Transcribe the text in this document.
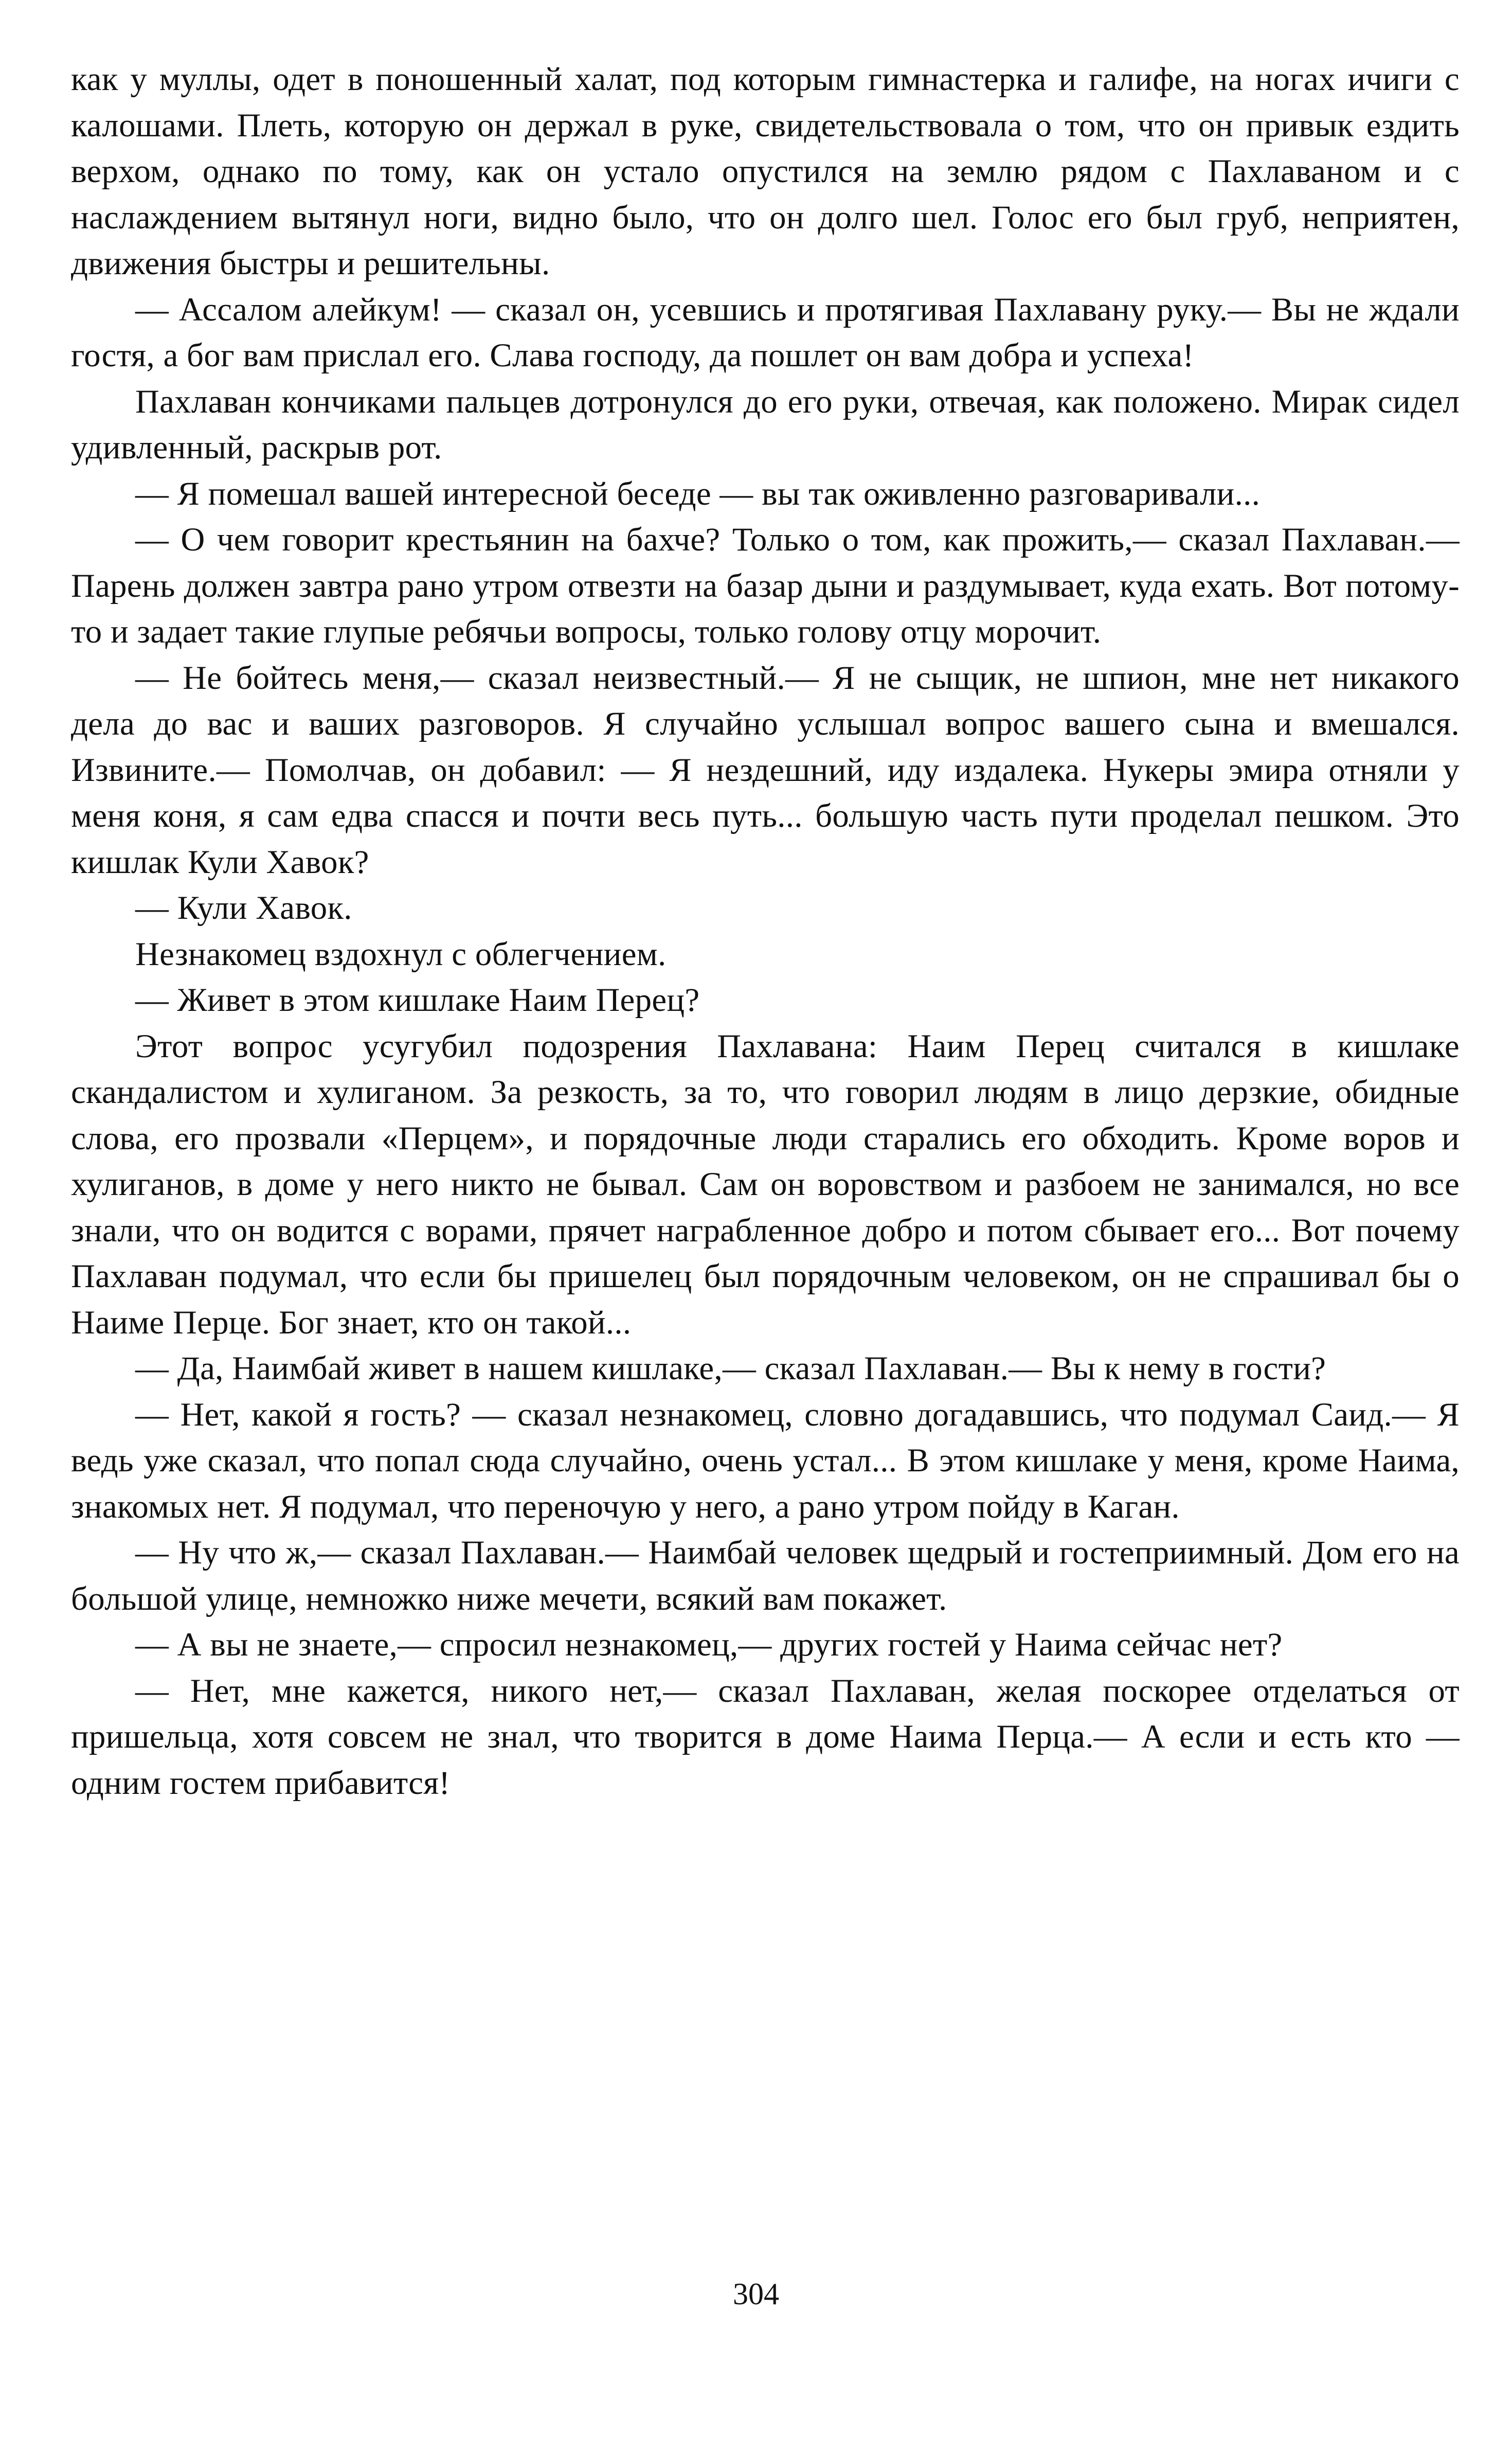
как у муллы, одет в поношенный халат, под которым гимнастерка и галифе, на ногах ичиги с калошами. Плеть, которую он держал в руке, свидетельствовала о том, что он привык ездить верхом, однако по тому, как он устало опустился на землю рядом с Пахлаваном и с наслаждением вытянул ноги, видно было, что он долго шел. Голос его был груб, неприятен, движения быстры и решительны.

— Ассалом алейкум! — сказал он, усевшись и протягивая Пахлавану руку.— Вы не ждали гостя, а бог вам прислал его. Слава господу, да пошлет он вам добра и успеха!

Пахлаван кончиками пальцев дотронулся до его руки, отвечая, как положено. Мирак сидел удивленный, раскрыв рот.

— Я помешал вашей интересной беседе — вы так оживленно разговаривали...

— О чем говорит крестьянин на бахче? Только о том, как прожить,— сказал Пахлаван.— Парень должен завтра рано утром отвезти на базар дыни и раздумывает, куда ехать. Вот потому-то и задает такие глупые ребячьи вопросы, только голову отцу морочит.

— Не бойтесь меня,— сказал неизвестный.— Я не сыщик, не шпион, мне нет никакого дела до вас и ваших разговоров. Я случайно услышал вопрос вашего сына и вмешался. Извините.— Помолчав, он добавил: — Я нездешний, иду издалека. Нукеры эмира отняли у меня коня, я сам едва спасся и почти весь путь... большую часть пути проделал пешком. Это кишлак Кули Хавок?

— Кули Хавок.

Незнакомец вздохнул с облегчением.

— Живет в этом кишлаке Наим Перец?

Этот вопрос усугубил подозрения Пахлавана: Наим Перец считался в кишлаке скандалистом и хулиганом. За резкость, за то, что говорил людям в лицо дерзкие, обидные слова, его прозвали «Перцем», и порядочные люди старались его обходить. Кроме воров и хулиганов, в доме у него никто не бывал. Сам он воровством и разбоем не занимался, но все знали, что он водится с ворами, прячет награбленное добро и потом сбывает его... Вот почему Пахлаван подумал, что если бы пришелец был порядочным человеком, он не спрашивал бы о Наиме Перце. Бог знает, кто он такой...

— Да, Наимбай живет в нашем кишлаке,— сказал Пахлаван.— Вы к нему в гости?

— Нет, какой я гость? — сказал незнакомец, словно догадавшись, что подумал Саид.— Я ведь уже сказал, что попал сюда случайно, очень устал... В этом кишлаке у меня, кроме Наима, знакомых нет. Я подумал, что переночую у него, а рано утром пойду в Каган.

— Ну что ж,— сказал Пахлаван.— Наимбай человек щедрый и гостеприимный. Дом его на большой улице, немножко ниже мечети, всякий вам покажет.

— А вы не знаете,— спросил незнакомец,— других гостей у Наима сейчас нет?

— Нет, мне кажется, никого нет,— сказал Пахлаван, желая поскорее отделаться от пришельца, хотя совсем не знал, что творится в доме Наима Перца.— А если и есть кто — одним гостем прибавится!

304
